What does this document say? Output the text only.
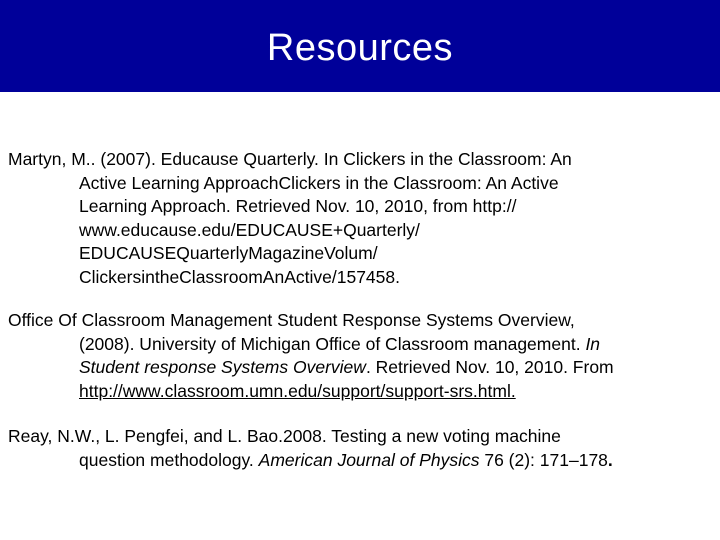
Resources

Martyn, M.. (2007). Educause Quarterly. In Clickers in the Classroom: An
Active Learning ApproachClickers in the Classroom: An Active
Learning Approach. Retrieved Nov. 10, 2010, from http://
www.educause.edu/EDUCAUSE+Quarterly/
EDUCAUSEQuarterlyMagazineVolum/
ClickersintheClassroomAnActive/157458.

Office Of Classroom Management Student Response Systems Overview,
(2008). University of Michigan Office of Classroom management. In
Student response Systems Overview. Retrieved Nov. 10, 2010. From
http://www.classroom.umn.edu/support/support-srs.html.

Reay, N.W., L. Pengfei, and L. Bao.2008. Testing a new voting machine
question methodology. American Journal of Physics 76 (2): 171–178.
